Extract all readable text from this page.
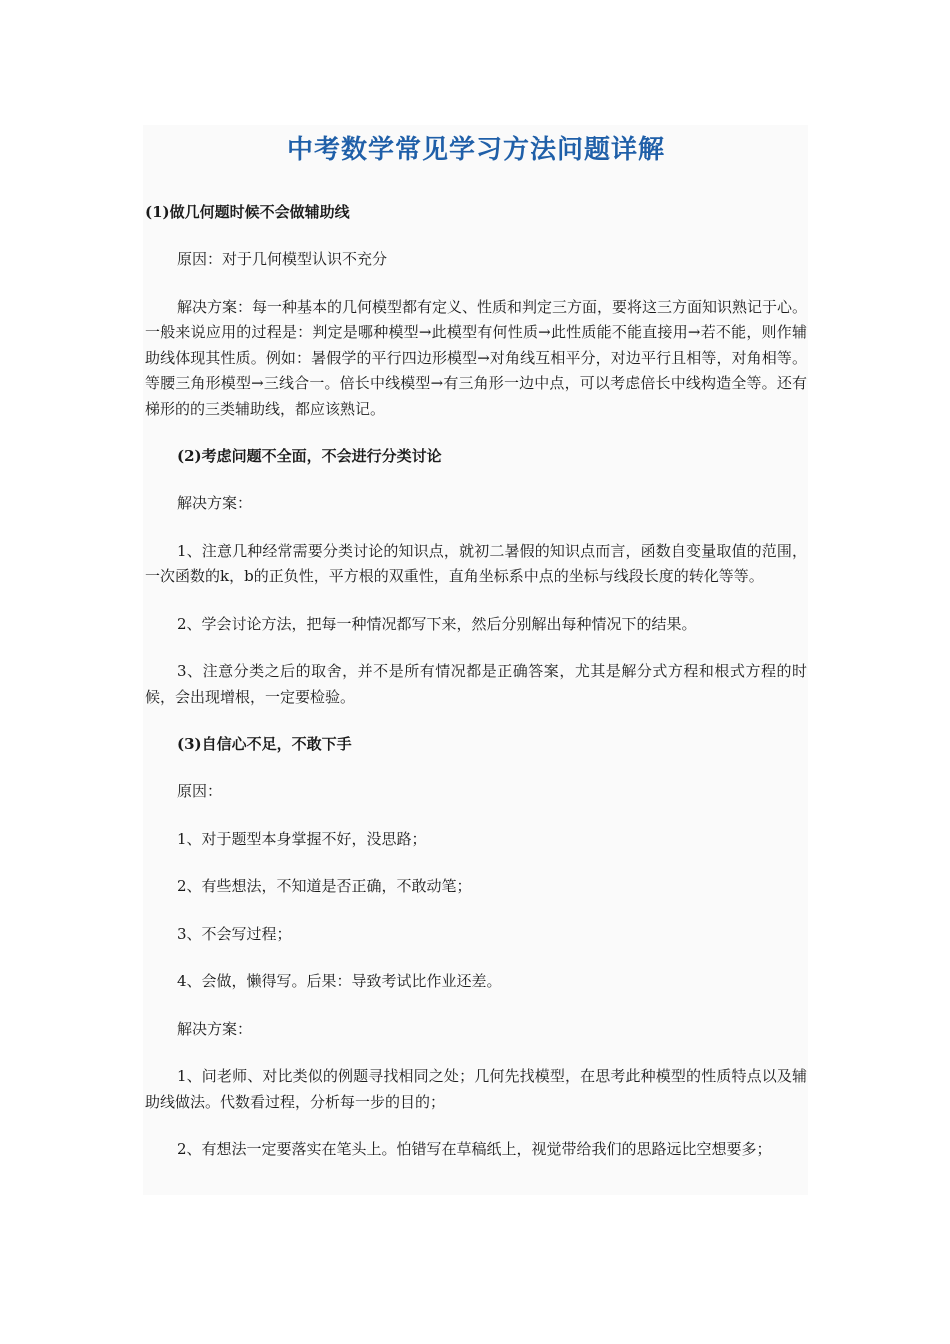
中考数学常见学习方法问题详解

(1)做几何题时候不会做辅助线

原因：对于几何模型认识不充分

解决方案：每一种基本的几何模型都有定义、性质和判定三方面，要将这三方面知识熟记于心。一般来说应用的过程是：判定是哪种模型→此模型有何性质→此性质能不能直接用→若不能，则作辅助线体现其性质。例如：暑假学的平行四边形模型→对角线互相平分，对边平行且相等，对角相等。等腰三角形模型→三线合一。倍长中线模型→有三角形一边中点，可以考虑倍长中线构造全等。还有梯形的的三类辅助线，都应该熟记。

(2)考虑问题不全面，不会进行分类讨论

解决方案：

1、注意几种经常需要分类讨论的知识点，就初二暑假的知识点而言，函数自变量取值的范围，一次函数的k，b的正负性，平方根的双重性，直角坐标系中点的坐标与线段长度的转化等等。

2、学会讨论方法，把每一种情况都写下来，然后分别解出每种情况下的结果。

3、注意分类之后的取舍，并不是所有情况都是正确答案，尤其是解分式方程和根式方程的时候，会出现增根，一定要检验。

(3)自信心不足，不敢下手

原因：

1、对于题型本身掌握不好，没思路；

2、有些想法，不知道是否正确，不敢动笔；

3、不会写过程；

4、会做，懒得写。后果：导致考试比作业还差。

解决方案：

1、问老师、对比类似的例题寻找相同之处；几何先找模型，在思考此种模型的性质特点以及辅助线做法。代数看过程，分析每一步的目的；

2、有想法一定要落实在笔头上。怕错写在草稿纸上，视觉带给我们的思路远比空想要多；
